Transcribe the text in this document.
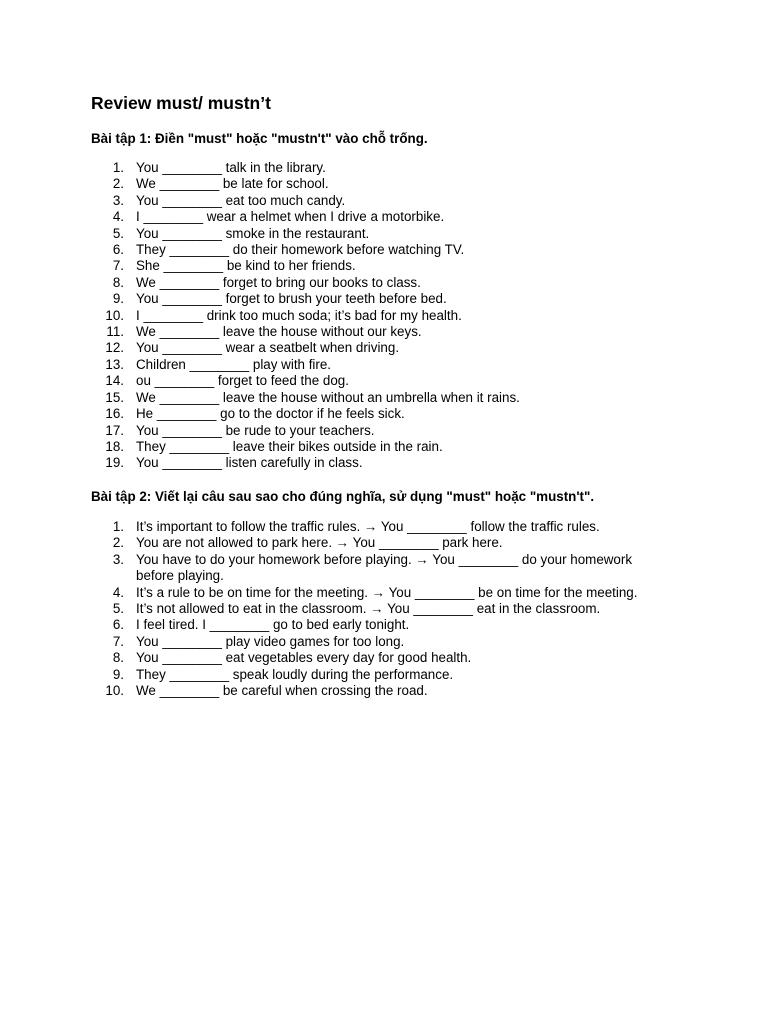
Review must/ mustn’t
Bài tập 1: Điền "must" hoặc "mustn't" vào chỗ trống.
1. You ________ talk in the library.
2. We ________ be late for school.
3. You ________ eat too much candy.
4. I ________ wear a helmet when I drive a motorbike.
5. You ________ smoke in the restaurant.
6. They ________ do their homework before watching TV.
7. She ________ be kind to her friends.
8. We ________ forget to bring our books to class.
9. You ________ forget to brush your teeth before bed.
10. I ________ drink too much soda; it’s bad for my health.
11. We ________ leave the house without our keys.
12. You ________ wear a seatbelt when driving.
13. Children ________ play with fire.
14. ou ________ forget to feed the dog.
15. We ________ leave the house without an umbrella when it rains.
16. He ________ go to the doctor if he feels sick.
17. You ________ be rude to your teachers.
18. They ________ leave their bikes outside in the rain.
19. You ________ listen carefully in class.
Bài tập 2: Viết lại câu sau sao cho đúng nghĩa, sử dụng "must" hoặc "mustn't".
1. It’s important to follow the traffic rules. → You ________ follow the traffic rules.
2. You are not allowed to park here. → You ________ park here.
3. You have to do your homework before playing. → You ________ do your homework before playing.
4. It’s a rule to be on time for the meeting. → You ________ be on time for the meeting.
5. It’s not allowed to eat in the classroom. → You ________ eat in the classroom.
6. I feel tired. I ________ go to bed early tonight.
7. You ________ play video games for too long.
8. You ________ eat vegetables every day for good health.
9. They ________ speak loudly during the performance.
10. We ________ be careful when crossing the road.
